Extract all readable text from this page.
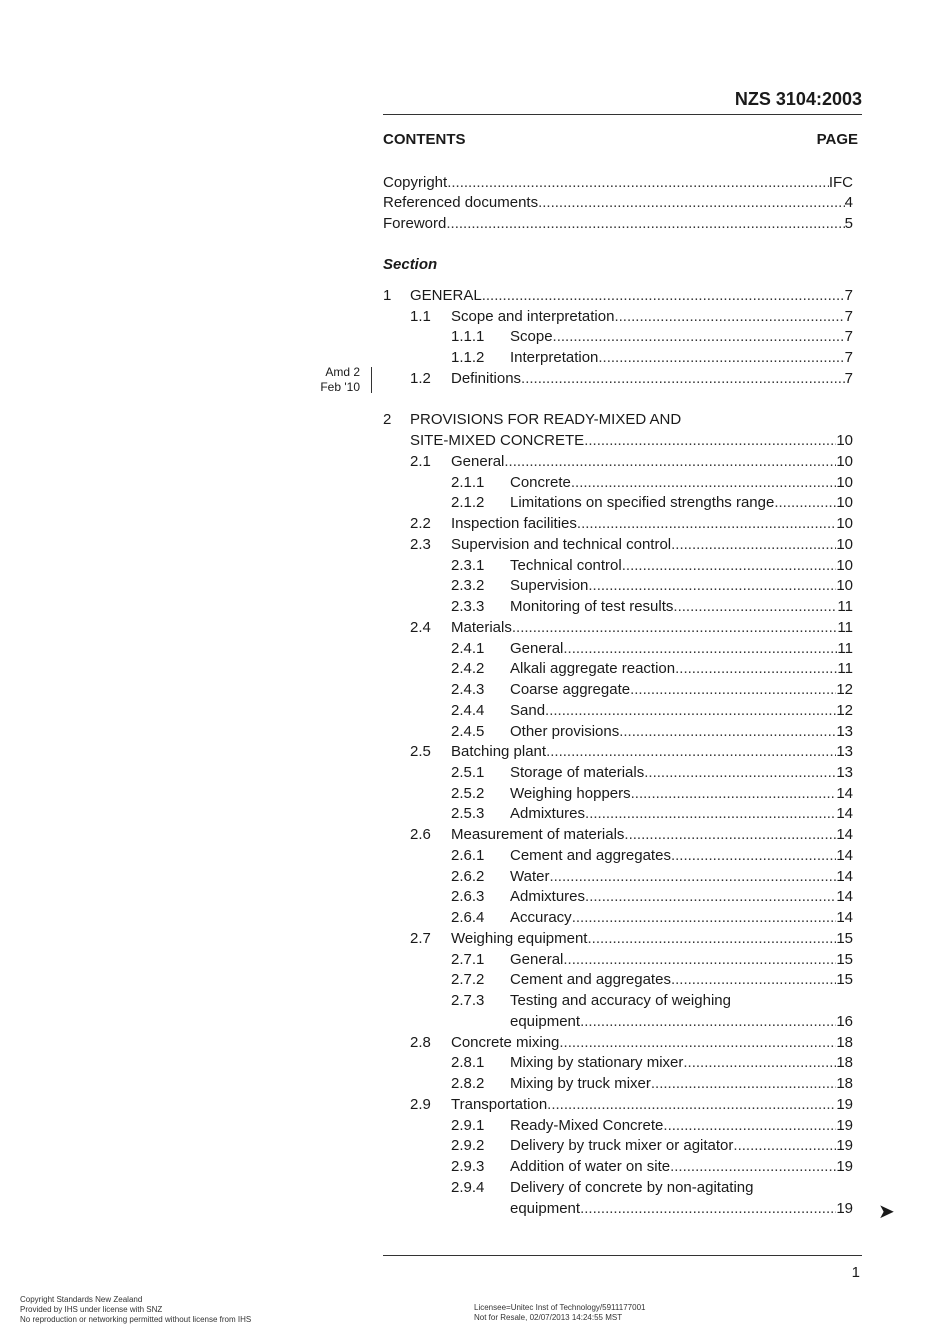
NZS 3104:2003
CONTENTS	PAGE
Copyright .....	IFC
Referenced documents .....	4
Foreword .....	5
Section
1 GENERAL .....	7
1.1 Scope and interpretation .....	7
1.1.1 Scope .....	7
1.1.2 Interpretation .....	7
Amd 2
Feb '10	1.2 Definitions .....	7
2 PROVISIONS FOR READY-MIXED AND
SITE-MIXED CONCRETE .....	10
2.1 General .....	10
2.1.1 Concrete .....	10
2.1.2 Limitations on specified strengths range .....	10
2.2 Inspection facilities .....	10
2.3 Supervision and technical control .....	10
2.3.1 Technical control .....	10
2.3.2 Supervision .....	10
2.3.3 Monitoring of test results .....	11
2.4 Materials .....	11
2.4.1 General .....	11
2.4.2 Alkali aggregate reaction .....	11
2.4.3 Coarse aggregate .....	12
2.4.4 Sand .....	12
2.4.5 Other provisions .....	13
2.5 Batching plant .....	13
2.5.1 Storage of materials .....	13
2.5.2 Weighing hoppers .....	14
2.5.3 Admixtures .....	14
2.6 Measurement of materials .....	14
2.6.1 Cement and aggregates .....	14
2.6.2 Water .....	14
2.6.3 Admixtures .....	14
2.6.4 Accuracy .....	14
2.7 Weighing equipment .....	15
2.7.1 General .....	15
2.7.2 Cement and aggregates .....	15
2.7.3 Testing and accuracy of weighing
equipment .....	16
2.8 Concrete mixing .....	18
2.8.1 Mixing by stationary mixer .....	18
2.8.2 Mixing by truck mixer .....	18
2.9 Transportation .....	19
2.9.1 Ready-Mixed Concrete .....	19
2.9.2 Delivery by truck mixer or agitator .....	19
2.9.3 Addition of water on site .....	19
2.9.4 Delivery of concrete by non-agitating
equipment .....	19 ➤
1
Copyright Standards New Zealand
Provided by IHS under license with SNZ
No reproduction or networking permitted without license from IHS
Licensee=Unitec Inst of Technology/5911177001
Not for Resale, 02/07/2013 14:24:55 MST
